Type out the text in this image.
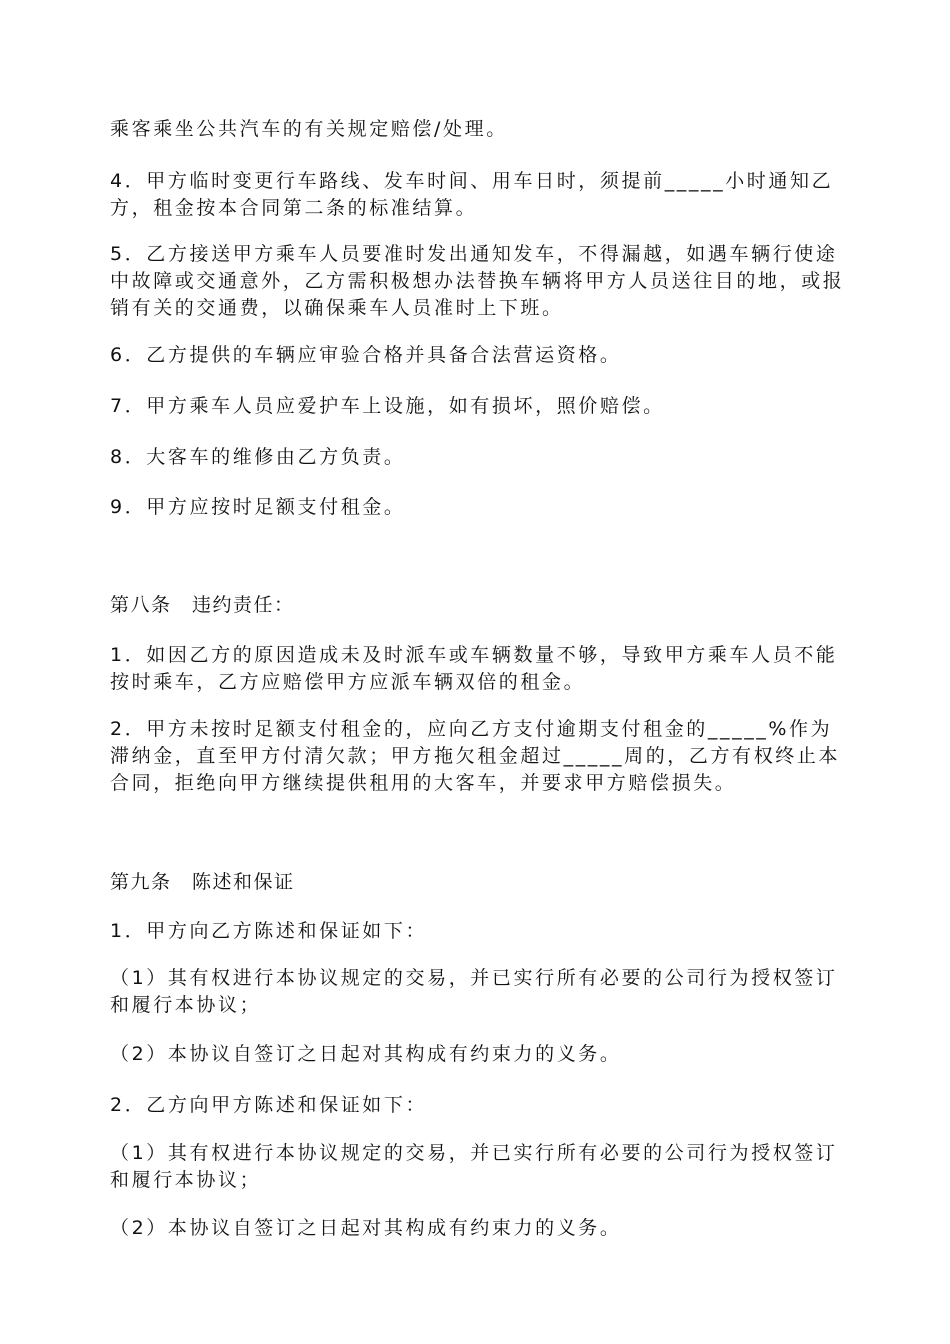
乘客乘坐公共汽车的有关规定赔偿/处理。

4．甲方临时变更行车路线、发车时间、用车日时，须提前_____小时通知乙方，租金按本合同第二条的标准结算。

5．乙方接送甲方乘车人员要准时发出通知发车，不得漏越，如遇车辆行使途中故障或交通意外，乙方需积极想办法替换车辆将甲方人员送往目的地，或报销有关的交通费，以确保乘车人员准时上下班。

6．乙方提供的车辆应审验合格并具备合法营运资格。

7．甲方乘车人员应爱护车上设施，如有损坏，照价赔偿。

8．大客车的维修由乙方负责。

9．甲方应按时足额支付租金。

第八条　违约责任：

1．如因乙方的原因造成未及时派车或车辆数量不够，导致甲方乘车人员不能按时乘车，乙方应赔偿甲方应派车辆双倍的租金。

2．甲方未按时足额支付租金的，应向乙方支付逾期支付租金的_____%作为滞纳金，直至甲方付清欠款；甲方拖欠租金超过_____周的，乙方有权终止本合同，拒绝向甲方继续提供租用的大客车，并要求甲方赔偿损失。

第九条　陈述和保证

1．甲方向乙方陈述和保证如下：

（1）其有权进行本协议规定的交易，并已实行所有必要的公司行为授权签订和履行本协议；

（2）本协议自签订之日起对其构成有约束力的义务。

2．乙方向甲方陈述和保证如下：

（1）其有权进行本协议规定的交易，并已实行所有必要的公司行为授权签订和履行本协议；

（2）本协议自签订之日起对其构成有约束力的义务。
